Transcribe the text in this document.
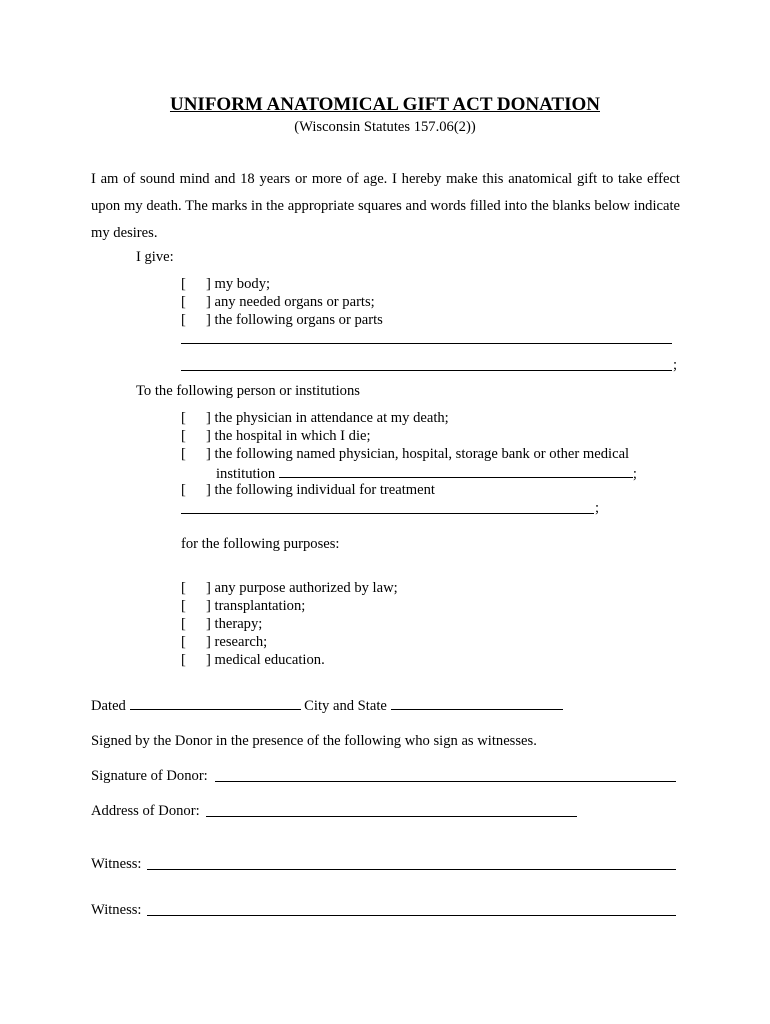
UNIFORM ANATOMICAL GIFT ACT DONATION
(Wisconsin Statutes 157.06(2))
I am of sound mind and 18 years or more of age. I hereby make this anatomical gift to take effect upon my death. The marks in the appropriate squares and words filled into the blanks below indicate my desires.
I give:
[ ] my body;
[ ] any needed organs or parts;
[ ] the following organs or parts
;
To the following person or institutions
[ ] the physician in attendance at my death;
[ ] the hospital in which I die;
[ ] the following named physician, hospital, storage bank or other medical
institution	;
[ ] the following individual for treatment
;
for the following purposes:
[ ] any purpose authorized by law;
[ ] transplantation;
[ ] therapy;
[ ] research;
[ ] medical education.
Dated	City and State
Signed by the Donor in the presence of the following who sign as witnesses.
Signature of Donor:
Address of Donor:
Witness:
Witness:
